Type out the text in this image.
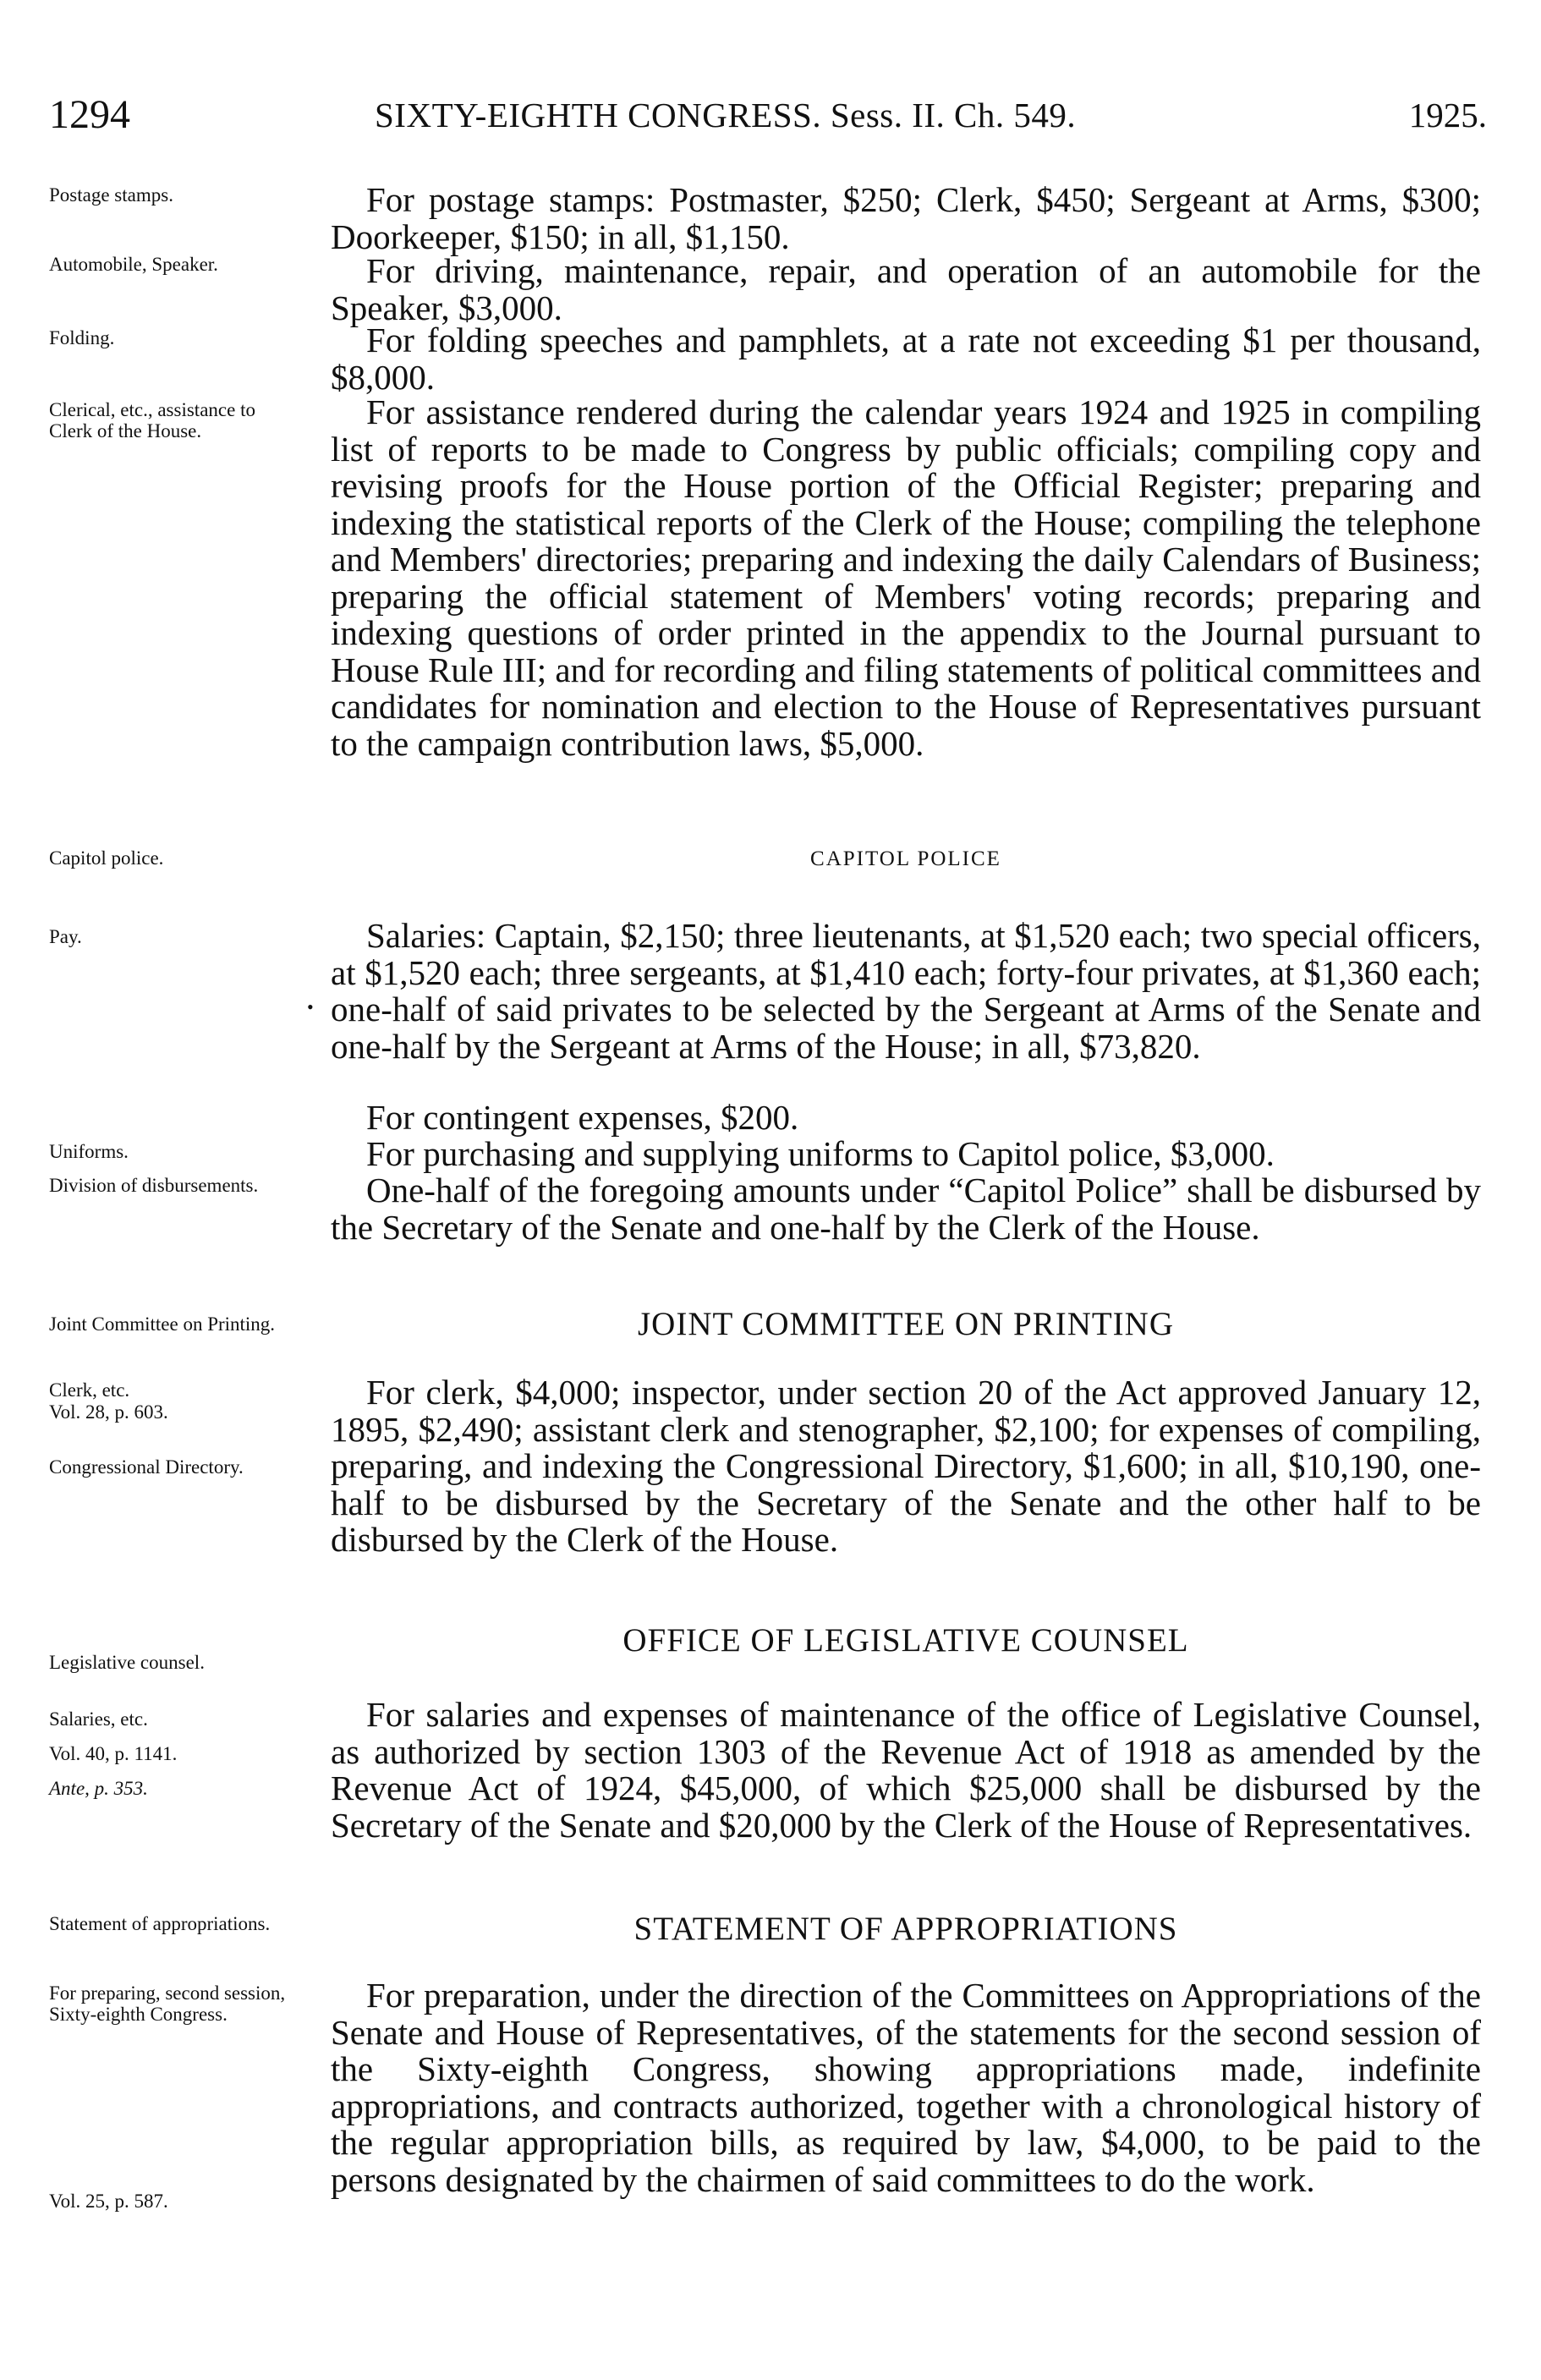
1294	SIXTY-EIGHTH CONGRESS. Sess. II. Ch. 549.	1925.
Postage stamps.
Automobile, Speaker.
Folding.
Clerical, etc., assistance to Clerk of the House.
Capitol police.
Pay.
•
Uniforms.
Division of disbursements.
Joint Committee on Printing.
Clerk, etc.
Vol. 28, p. 603.
Congressional Directory.
Legislative counsel.
Salaries, etc.
Vol. 40, p. 1141.
Ante, p. 353.
Statement of appropriations.
For preparing, second session, Sixty-eighth Congress.
Vol. 25, p. 587.
For postage stamps: Postmaster, $250; Clerk, $450; Sergeant at Arms, $300; Doorkeeper, $150; in all, $1,150.
For driving, maintenance, repair, and operation of an automobile for the Speaker, $3,000.
For folding speeches and pamphlets, at a rate not exceeding $1 per thousand, $8,000.
For assistance rendered during the calendar years 1924 and 1925 in compiling list of reports to be made to Congress by public officials; compiling copy and revising proofs for the House portion of the Official Register; preparing and indexing the statistical reports of the Clerk of the House; compiling the telephone and Members' directories; preparing and indexing the daily Calendars of Business; preparing the official statement of Members' voting records; preparing and indexing questions of order printed in the appendix to the Journal pursuant to House Rule III; and for recording and filing statements of political committees and candidates for nomination and election to the House of Representatives pursuant to the campaign contribution laws, $5,000.
CAPITOL POLICE
Salaries: Captain, $2,150; three lieutenants, at $1,520 each; two special officers, at $1,520 each; three sergeants, at $1,410 each; forty-four privates, at $1,360 each; one-half of said privates to be selected by the Sergeant at Arms of the Senate and one-half by the Sergeant at Arms of the House; in all, $73,820.
For contingent expenses, $200.
For purchasing and supplying uniforms to Capitol police, $3,000.
One-half of the foregoing amounts under “Capitol Police” shall be disbursed by the Secretary of the Senate and one-half by the Clerk of the House.
JOINT COMMITTEE ON PRINTING
For clerk, $4,000; inspector, under section 20 of the Act approved January 12, 1895, $2,490; assistant clerk and stenographer, $2,100; for expenses of compiling, preparing, and indexing the Congressional Directory, $1,600; in all, $10,190, one-half to be disbursed by the Secretary of the Senate and the other half to be disbursed by the Clerk of the House.
OFFICE OF LEGISLATIVE COUNSEL
For salaries and expenses of maintenance of the office of Legislative Counsel, as authorized by section 1303 of the Revenue Act of 1918 as amended by the Revenue Act of 1924, $45,000, of which $25,000 shall be disbursed by the Secretary of the Senate and $20,000 by the Clerk of the House of Representatives.
STATEMENT OF APPROPRIATIONS
For preparation, under the direction of the Committees on Appropriations of the Senate and House of Representatives, of the statements for the second session of the Sixty-eighth Congress, showing appropriations made, indefinite appropriations, and contracts authorized, together with a chronological history of the regular appropriation bills, as required by law, $4,000, to be paid to the persons designated by the chairmen of said committees to do the work.
